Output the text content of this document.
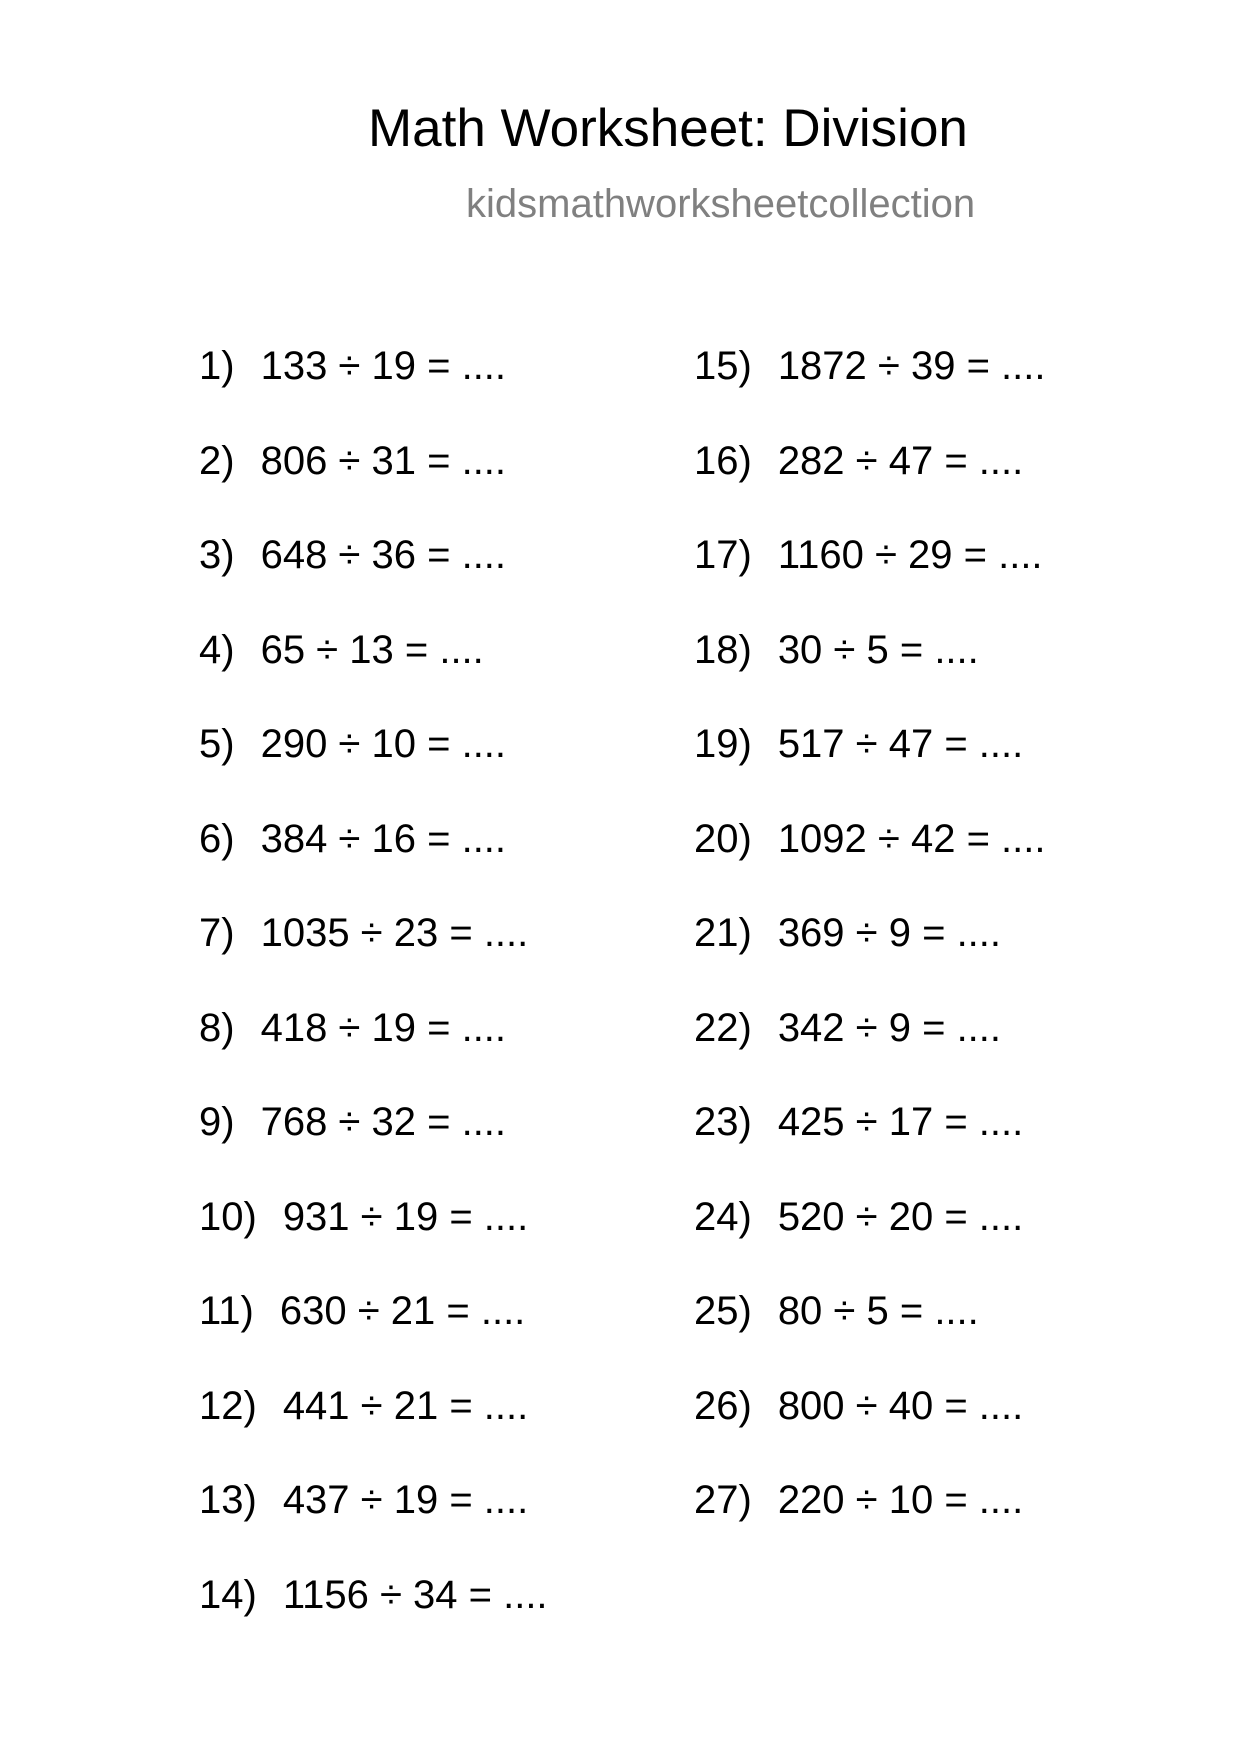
Math Worksheet: Division
kidsmathworksheetcollection
1) 133 ÷ 19 = ....
2) 806 ÷ 31 = ....
3) 648 ÷ 36 = ....
4) 65 ÷ 13 = ....
5) 290 ÷ 10 = ....
6) 384 ÷ 16 = ....
7) 1035 ÷ 23 = ....
8) 418 ÷ 19 = ....
9) 768 ÷ 32 = ....
10) 931 ÷ 19 = ....
11) 630 ÷ 21 = ....
12) 441 ÷ 21 = ....
13) 437 ÷ 19 = ....
14) 1156 ÷ 34 = ....
15) 1872 ÷ 39 = ....
16) 282 ÷ 47 = ....
17) 1160 ÷ 29 = ....
18) 30 ÷ 5 = ....
19) 517 ÷ 47 = ....
20) 1092 ÷ 42 = ....
21) 369 ÷ 9 = ....
22) 342 ÷ 9 = ....
23) 425 ÷ 17 = ....
24) 520 ÷ 20 = ....
25) 80 ÷ 5 = ....
26) 800 ÷ 40 = ....
27) 220 ÷ 10 = ....
